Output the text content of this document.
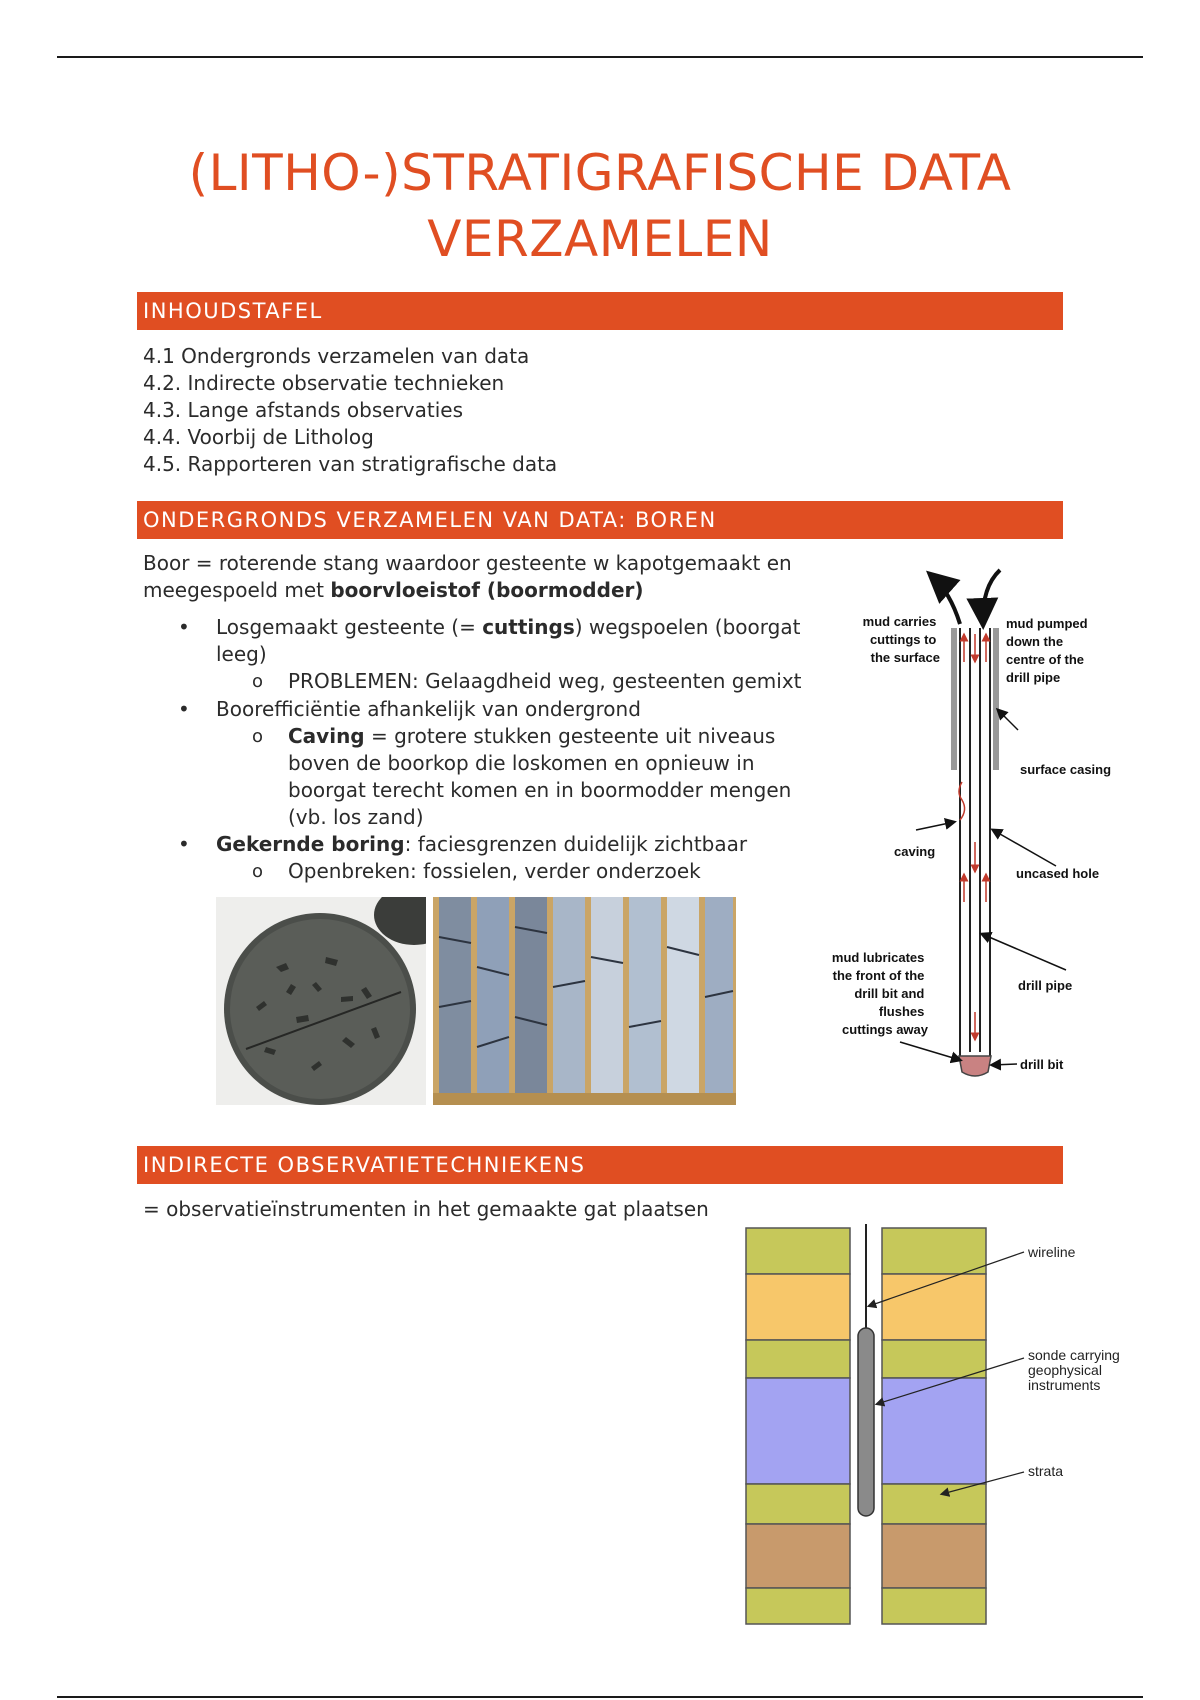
(LITHO-)STRATIGRAFISCHE DATA
VERZAMELEN
INHOUDSTAFEL
4.1 Ondergronds verzamelen van data
4.2. Indirecte observatie technieken
4.3. Lange afstands observaties
4.4. Voorbij de Litholog
4.5. Rapporteren van stratigrafische data
ONDERGRONDS VERZAMELEN VAN DATA: BOREN
Boor = roterende stang waardoor gesteente w kapotgemaakt en
meegespoeld met boorvloeistof (boormodder)
• Losgemaakt gesteente (= cuttings) wegspoelen (boorgat
leeg)
o PROBLEMEN: Gelaagdheid weg, gesteenten gemixt
• Boorefficiëntie afhankelijk van ondergrond
o Caving = grotere stukken gesteente uit niveaus
boven de boorkop die loskomen en opnieuw in
boorgat terecht komen en in boormodder mengen
(vb. los zand)
• Gekernde boring: faciesgrenzen duidelijk zichtbaar
o Openbreken: fossielen, verder onderzoek
mud carries cuttings to the surface
mud pumped down the centre of the drill pipe
surface casing
caving
uncased hole
mud lubricates the front of the drill bit and flushes cuttings away
drill pipe
drill bit
INDIRECTE OBSERVATIETECHNIEKENS
= observatieïnstrumenten in het gemaakte gat plaatsen
wireline
sonde carrying geophysical instruments
strata
